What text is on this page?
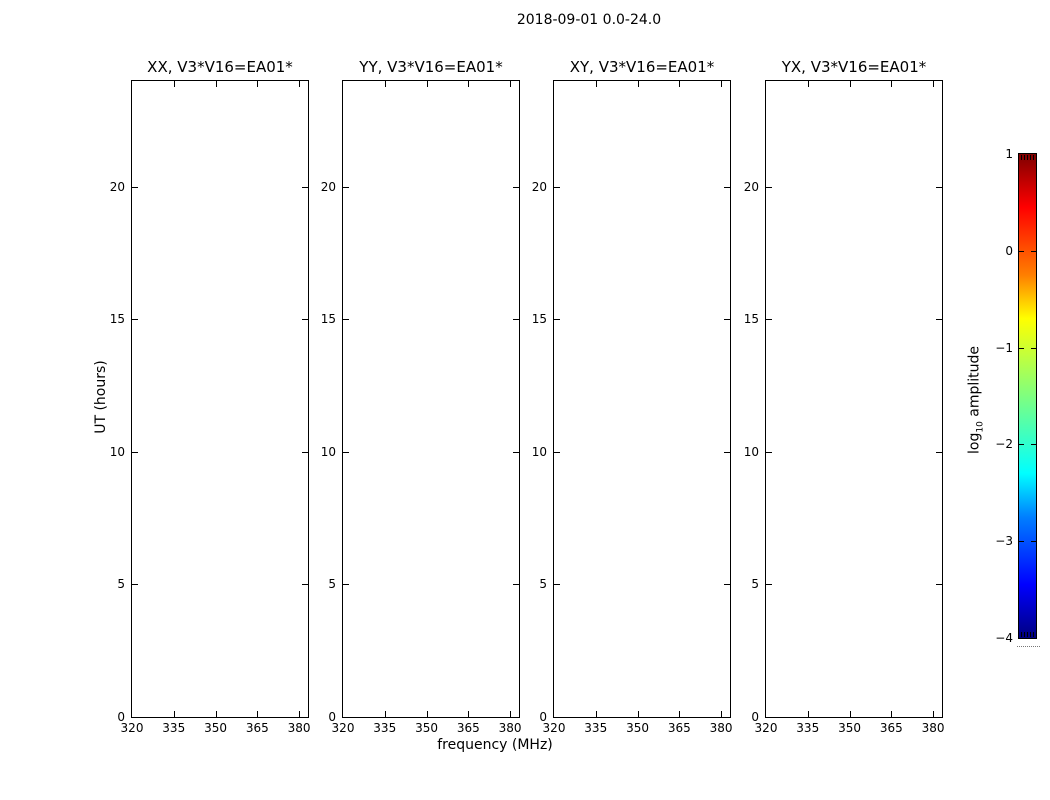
2018-09-01 0.0-24.0
UT (hours)
frequency (MHz)
XX, V3*V16=EA01*
20
15
10
5
0
320 335 350 365 380
YY, V3*V16=EA01*
20
15
10
5
0
320 335 350 365 380
XY, V3*V16=EA01*
20
15
10
5
0
320 335 350 365 380
YX, V3*V16=EA01*
20
15
10
5
0
320 335 350 365 380
1
0
−1
−2
−3
−4
$\log_{10}$ amplitude
